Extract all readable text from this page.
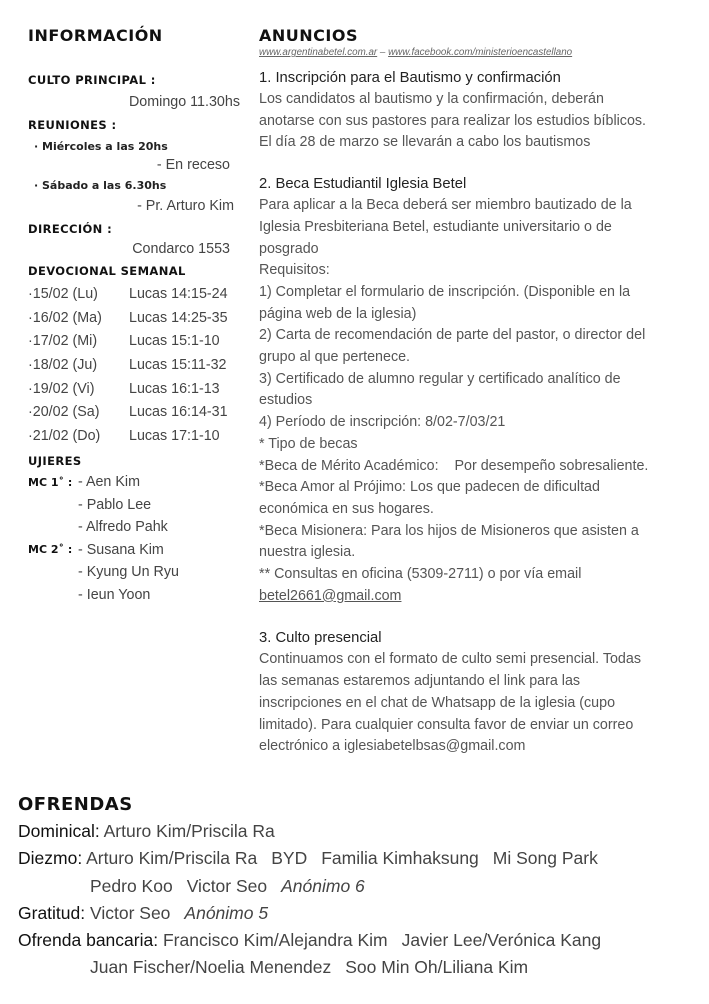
INFORMACIÓN
CULTO PRINCIPAL :
Domingo 11.30hs
REUNIONES :
· Miércoles a las 20hs
- En receso
· Sábado a las 6.30hs
- Pr. Arturo Kim
DIRECCIÓN :
Condarco 1553
DEVOCIONAL SEMANAL
·15/02 (Lu)	Lucas 14:15-24
·16/02 (Ma)	Lucas 14:25-35
·17/02 (Mi)	Lucas 15:1-10
·18/02 (Ju)	Lucas 15:11-32
·19/02 (Vi)	Lucas 16:1-13
·20/02 (Sa)	Lucas 16:14-31
·21/02 (Do)	Lucas 17:1-10
UJIERES
MC 1˚ : - Aen Kim
- Pablo Lee
- Alfredo Pahk
MC 2˚ : - Susana Kim
- Kyung Un Ryu
- Ieun Yoon
ANUNCIOS
www.argentinabetel.com.ar – www.facebook.com/ministerioencastellano
1. Inscripción para el Bautismo y confirmación
Los candidatos al bautismo y la confirmación, deberán
anotarse con sus pastores para realizar los estudios bíblicos.
El día 28 de marzo se llevarán a cabo los bautismos
2. Beca Estudiantil Iglesia Betel
Para aplicar a la Beca deberá ser miembro bautizado de la
Iglesia Presbiteriana Betel, estudiante universitario o de
posgrado
Requisitos:
1) Completar el formulario de inscripción. (Disponible en la
página web de la iglesia)
2) Carta de recomendación de parte del pastor, o director del
grupo al que pertenece.
3) Certificado de alumno regular y certificado analítico de
estudios
4) Período de inscripción: 8/02-7/03/21
* Tipo de becas
*Beca de Mérito Académico:    Por desempeño sobresaliente.
*Beca Amor al Prójimo: Los que padecen de dificultad
económica en sus hogares.
*Beca Misionera: Para los hijos de Misioneros que asisten a
nuestra iglesia.
** Consultas en oficina (5309-2711) o por vía email
betel2661@gmail.com
3. Culto presencial
Continuamos con el formato de culto semi presencial. Todas
las semanas estaremos adjuntando el link para las
inscripciones en el chat de Whatsapp de la iglesia (cupo
limitado). Para cualquier consulta favor de enviar un correo
electrónico a iglesiabetelbsas@gmail.com
OFRENDAS
Dominical: Arturo Kim/Priscila Ra
Diezmo: Arturo Kim/Priscila Ra BYD Familia Kimhaksung Mi Song Park
Pedro Koo Victor Seo Anónimo 6
Gratitud: Victor Seo Anónimo 5
Ofrenda bancaria: Francisco Kim/Alejandra Kim Javier Lee/Verónica Kang
Juan Fischer/Noelia Menendez Soo Min Oh/Liliana Kim
